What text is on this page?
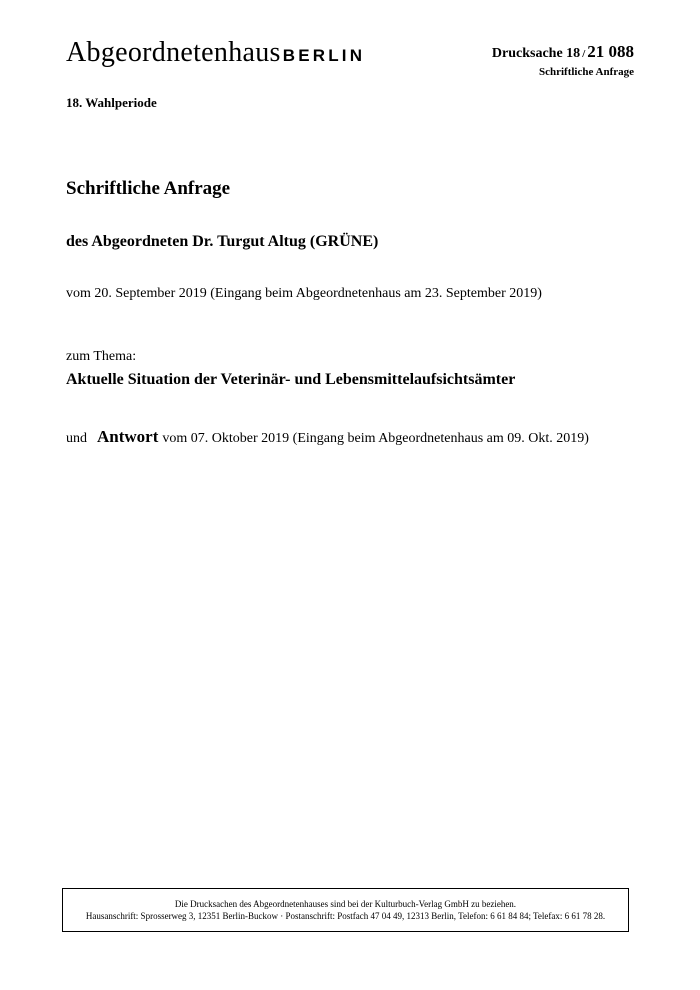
Abgeordnetenhaus BERLIN	Drucksache 18 / 21 088
Schriftliche Anfrage
18. Wahlperiode
Schriftliche Anfrage
des Abgeordneten Dr. Turgut Altug (GRÜNE)
vom 20. September 2019 (Eingang beim Abgeordnetenhaus am 23. September 2019)
zum Thema:
Aktuelle Situation der Veterinär- und Lebensmittelaufsichtsämter
und Antwort vom 07. Oktober 2019 (Eingang beim Abgeordnetenhaus am 09. Okt. 2019)
Die Drucksachen des Abgeordnetenhauses sind bei der Kulturbuch-Verlag GmbH zu beziehen.
Hausanschrift: Sprosserweg 3, 12351 Berlin-Buckow · Postanschrift: Postfach 47 04 49, 12313 Berlin, Telefon: 6 61 84 84; Telefax: 6 61 78 28.
